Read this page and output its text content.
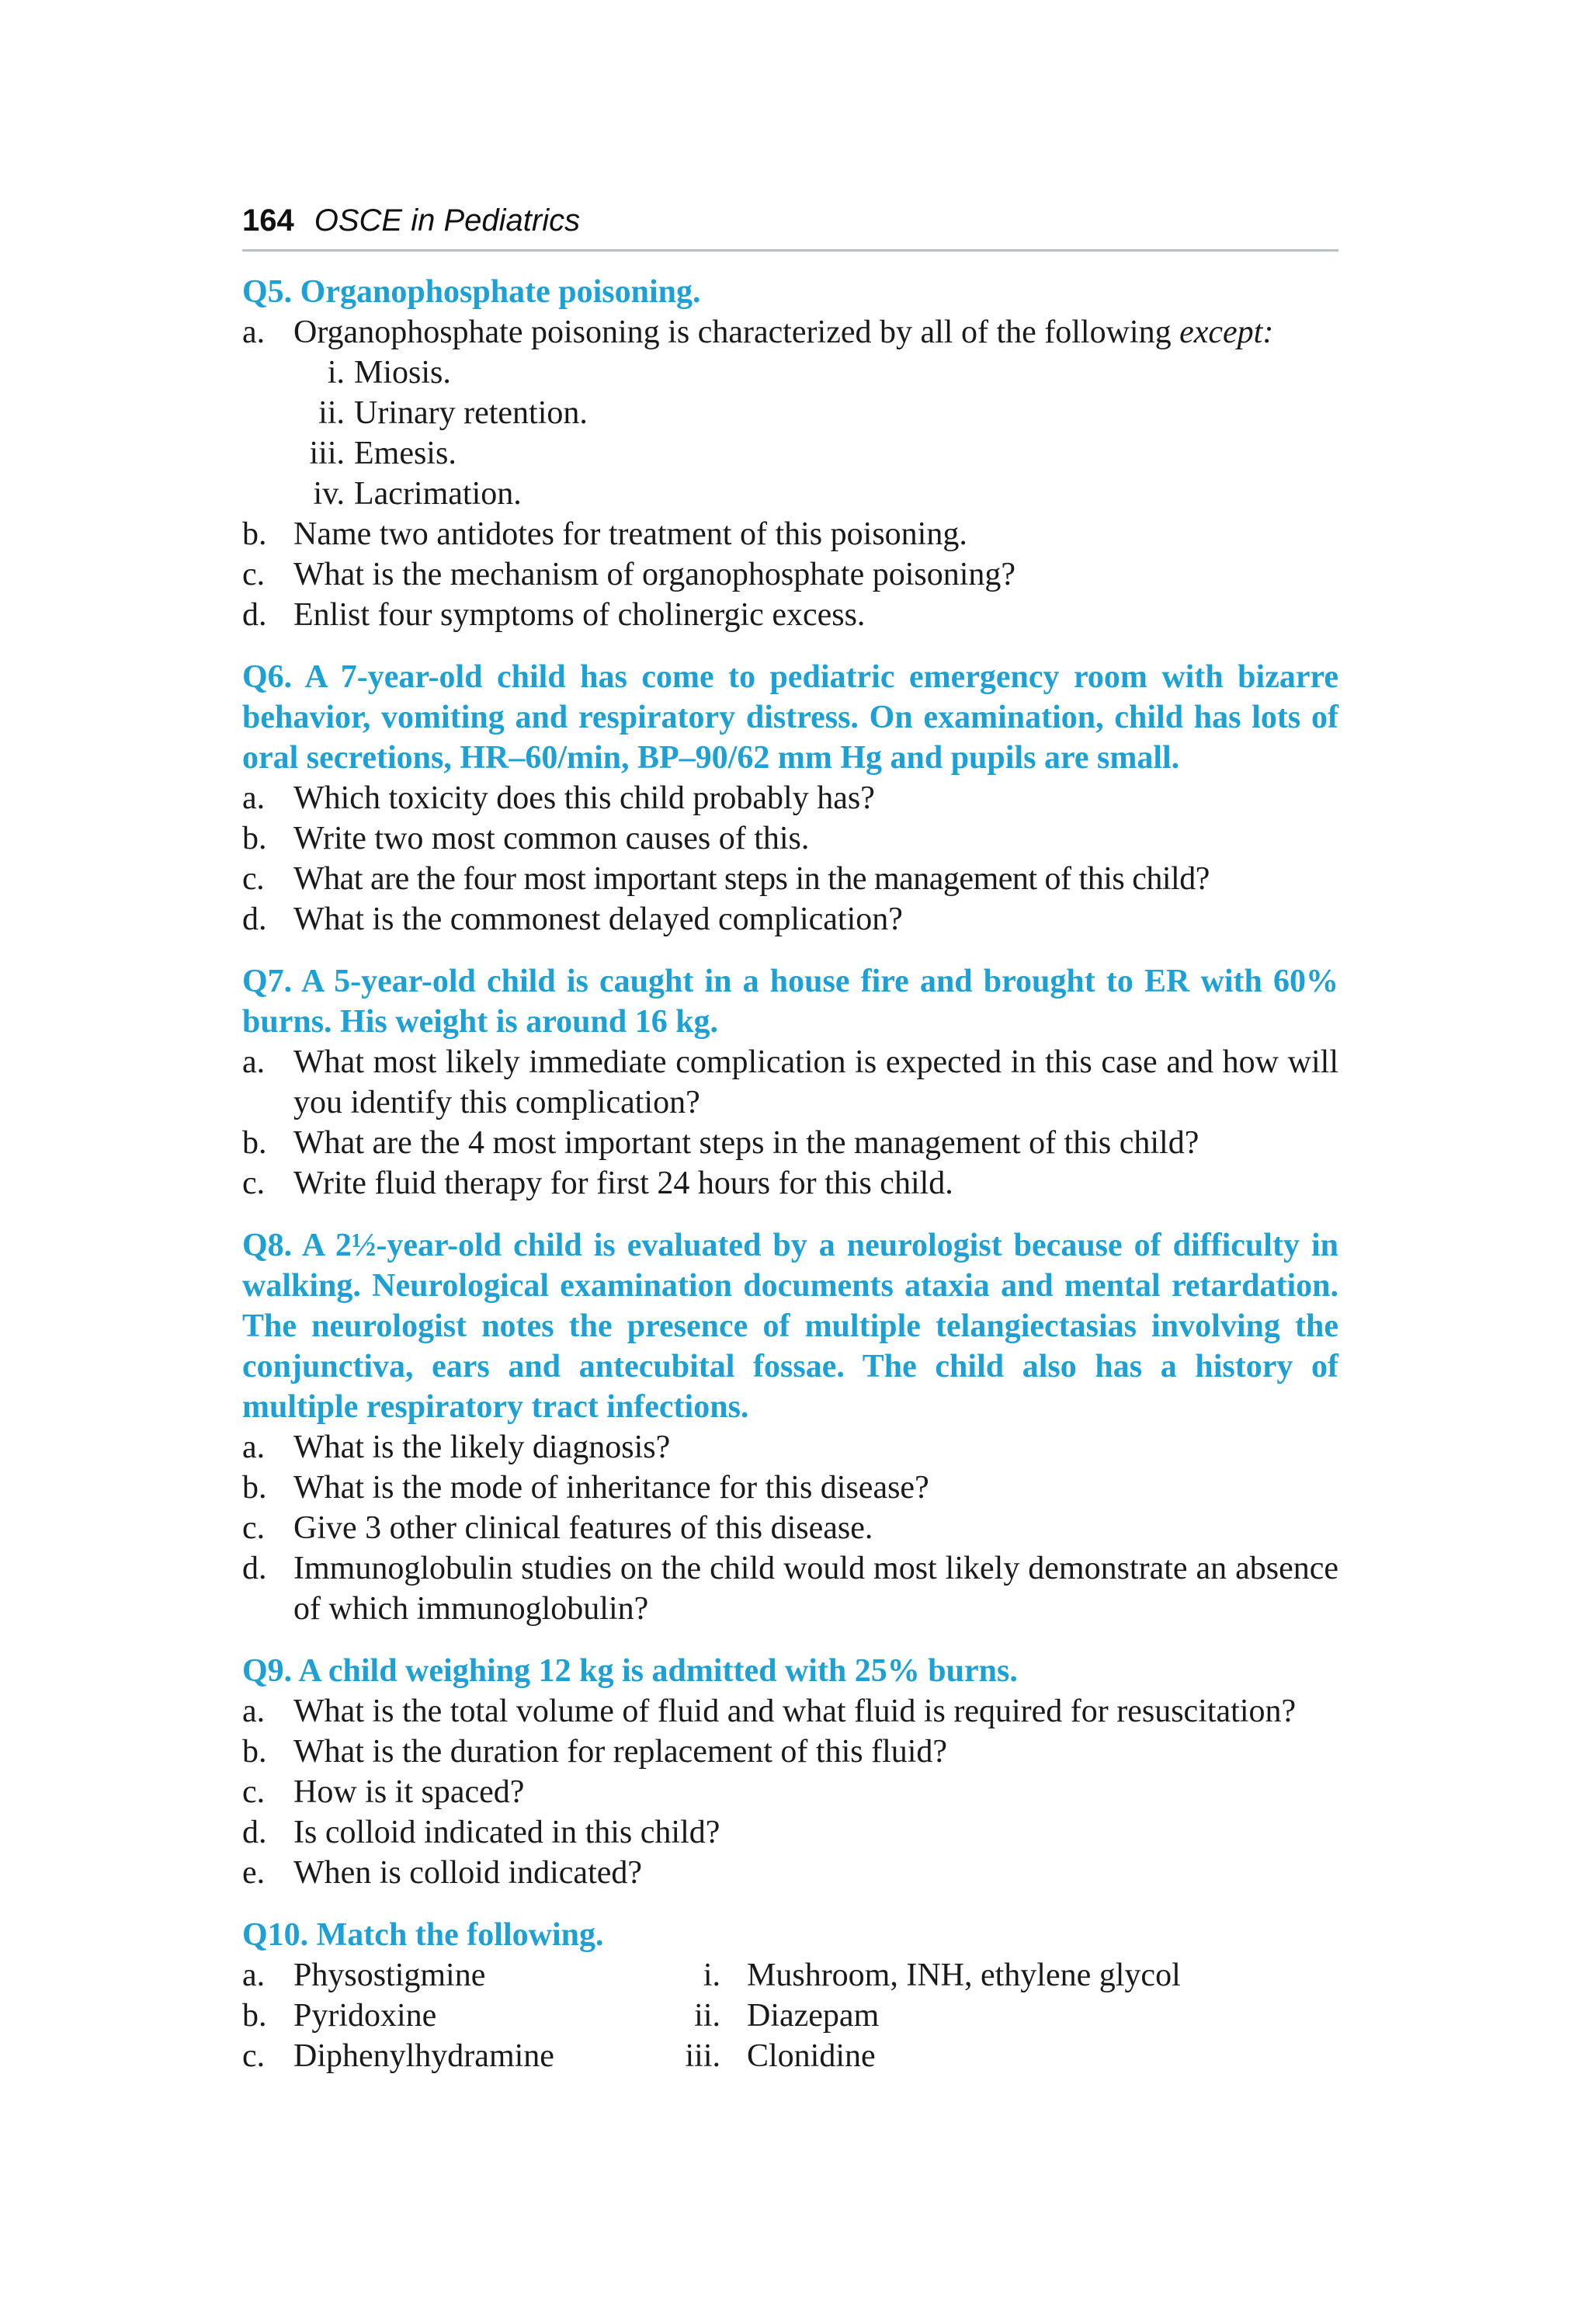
164 OSCE in Pediatrics

Q5. Organophosphate poisoning.

a. Organophosphate poisoning is characterized by all of the following except:
i. Miosis.
ii. Urinary retention.
iii. Emesis.
iv. Lacrimation.
b. Name two antidotes for treatment of this poisoning.
c. What is the mechanism of organophosphate poisoning?
d. Enlist four symptoms of cholinergic excess.

Q6. A 7-year-old child has come to pediatric emergency room with bizarre behavior, vomiting and respiratory distress. On examination, child has lots of oral secretions, HR–60/min, BP–90/62 mm Hg and pupils are small.

a. Which toxicity does this child probably has?
b. Write two most common causes of this.
c. What are the four most important steps in the management of this child?
d. What is the commonest delayed complication?

Q7. A 5-year-old child is caught in a house fire and brought to ER with 60% burns. His weight is around 16 kg.

a. What most likely immediate complication is expected in this case and how will you identify this complication?
b. What are the 4 most important steps in the management of this child?
c. Write fluid therapy for first 24 hours for this child.

Q8. A 2½-year-old child is evaluated by a neurologist because of difficulty in walking. Neurological examination documents ataxia and mental retardation. The neurologist notes the presence of multiple telangiectasias involving the conjunctiva, ears and antecubital fossae. The child also has a history of multiple respiratory tract infections.

a. What is the likely diagnosis?
b. What is the mode of inheritance for this disease?
c. Give 3 other clinical features of this disease.
d. Immunoglobulin studies on the child would most likely demonstrate an absence of which immunoglobulin?

Q9. A child weighing 12 kg is admitted with 25% burns.

a. What is the total volume of fluid and what fluid is required for resuscitation?
b. What is the duration for replacement of this fluid?
c. How is it spaced?
d. Is colloid indicated in this child?
e. When is colloid indicated?

Q10. Match the following.

a. Physostigmine	i. Mushroom, INH, ethylene glycol
b. Pyridoxine	ii. Diazepam
c. Diphenylhydramine	iii. Clonidine
